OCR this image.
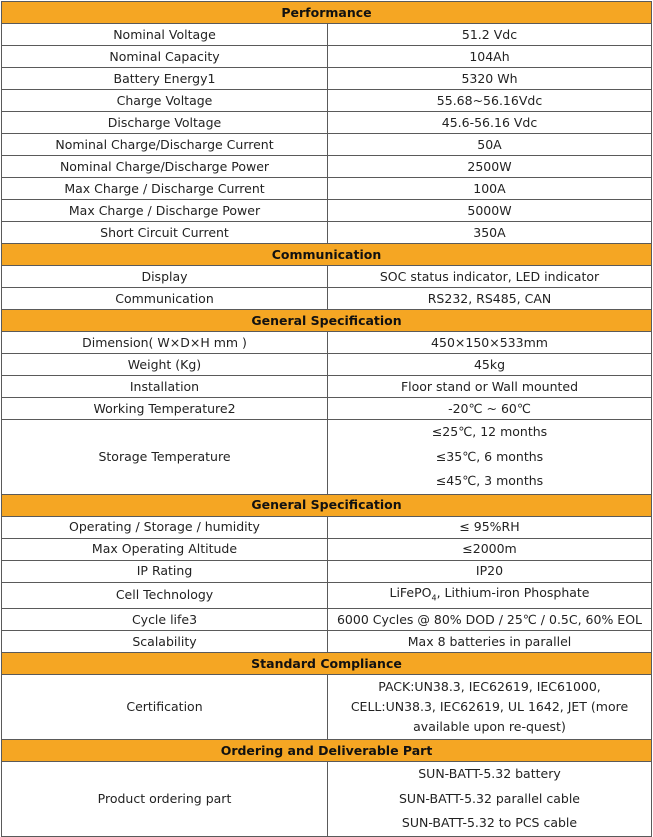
Performance	
Nominal Voltage	51.2 Vdc
Nominal Capacity	104Ah
Battery Energy1	5320 Wh
Charge Voltage	55.68~56.16Vdc
Discharge Voltage	45.6-56.16 Vdc
Nominal Charge/Discharge Current	50A
Nominal Charge/Discharge Power	2500W
Max Charge / Discharge Current	100A
Max Charge / Discharge Power	5000W
Short Circuit Current	350A
Communication	
Display	SOC status indicator, LED indicator
Communication	RS232, RS485, CAN
General Specification	
Dimension( W×D×H mm )	450×150×533mm
Weight (Kg)	45kg
Installation	Floor stand or Wall mounted
Working Temperature2	-20℃ ~ 60℃
Storage Temperature	≤25℃, 12 months
≤35℃, 6 months
≤45℃, 3 months

General Specification	
Operating / Storage / humidity	≤ 95%RH
Max Operating Altitude	≤2000m
IP Rating	IP20
Cell Technology	LiFePO$_4$, Lithium-iron Phosphate
Cycle life3	6000 Cycles @ 80% DOD / 25℃ / 0.5C, 60% EOL
Scalability	Max 8 batteries in parallel
Standard Compliance	
Certification	PACK:UN38.3, IEC62619, IEC61000, CELL:UN38.3, IEC62619, UL 1642, JET (more available upon re-quest)
Ordering and Deliverable Part	
Product ordering part	SUN-BATT-5.32 battery
SUN-BATT-5.32 parallel cable
SUN-BATT-5.32 to PCS cable
